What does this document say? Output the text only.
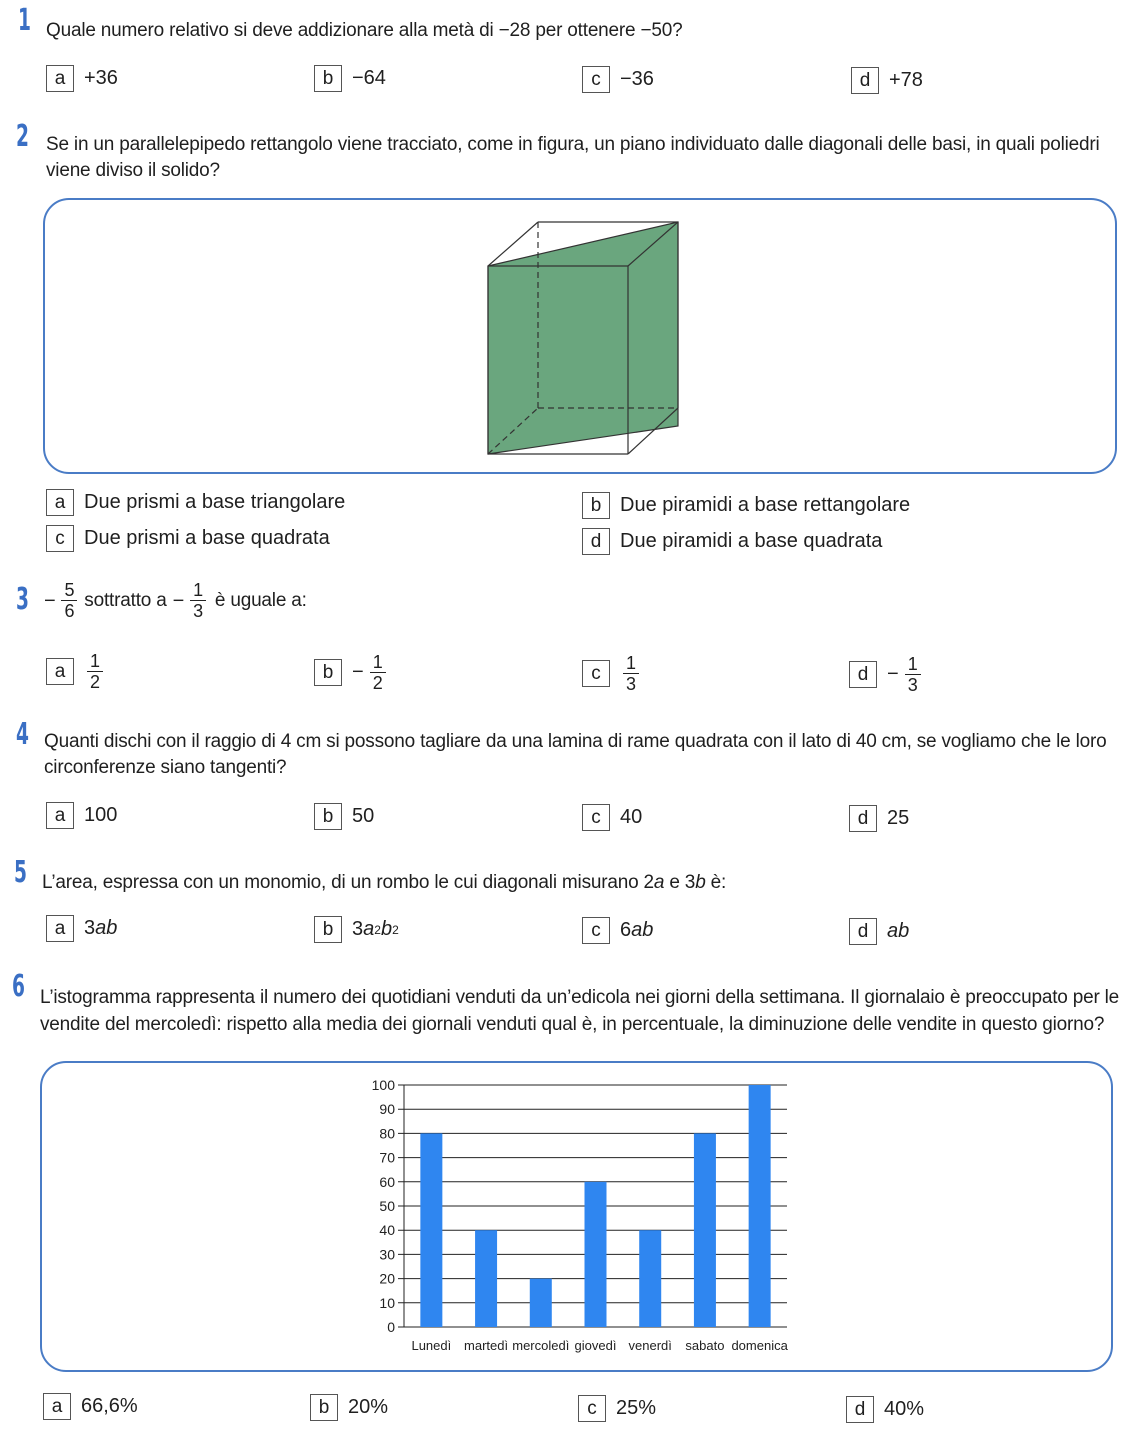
1 Quale numero relativo si deve addizionare alla metà di −28 per ottenere −50?
a +36	b −64	c −36	d +78
2 Se in un parallelepipedo rettangolo viene tracciato, come in figura, un piano individuato dalle diagonali delle basi, in quali poliedri
viene diviso il solido?
a Due prismi a base triangolare	b Due piramidi a base rettangolare
c Due prismi a base quadrata	d Due piramidi a base quadrata
$3 - \frac{5}{6}$ sottratto $a - \frac{1}{3}$ è uguale a:
a	$\frac{1}{2}$	$b - \frac{1}{2}$	c	$\frac{1}{3}$	$d - \frac{1}{3}$
4 Quanti dischi con il raggio di 4 cm si possono tagliare da una lamina di rame quadrata con il lato di 40 cm, se vogliamo che le loro
circonferenze siano tangenti?
a 100	b 50	c 40	d 25
5 L’area, espressa con un monomio, di un rombo le cui diagonali misurano 2a e 3b è:
a 3 ab	b 3 a 2 b 2	c 6 ab	d ab
6 L’istogramma rappresenta il numero dei quotidiani venduti da un’edicola nei giorni della settimana. Il giornalaio è preoccupato per le
vendite del mercoledì: rispetto alla media dei giornali venduti qual è, in percentuale, la diminuzione delle vendite in questo giorno?
0
10
20
30
40
50
60
70
80
90
100
Lunedì martedì mercoledì giovedì venerdì sabato domenica
a 66,6%	b 20%	c 25%	d 40%
